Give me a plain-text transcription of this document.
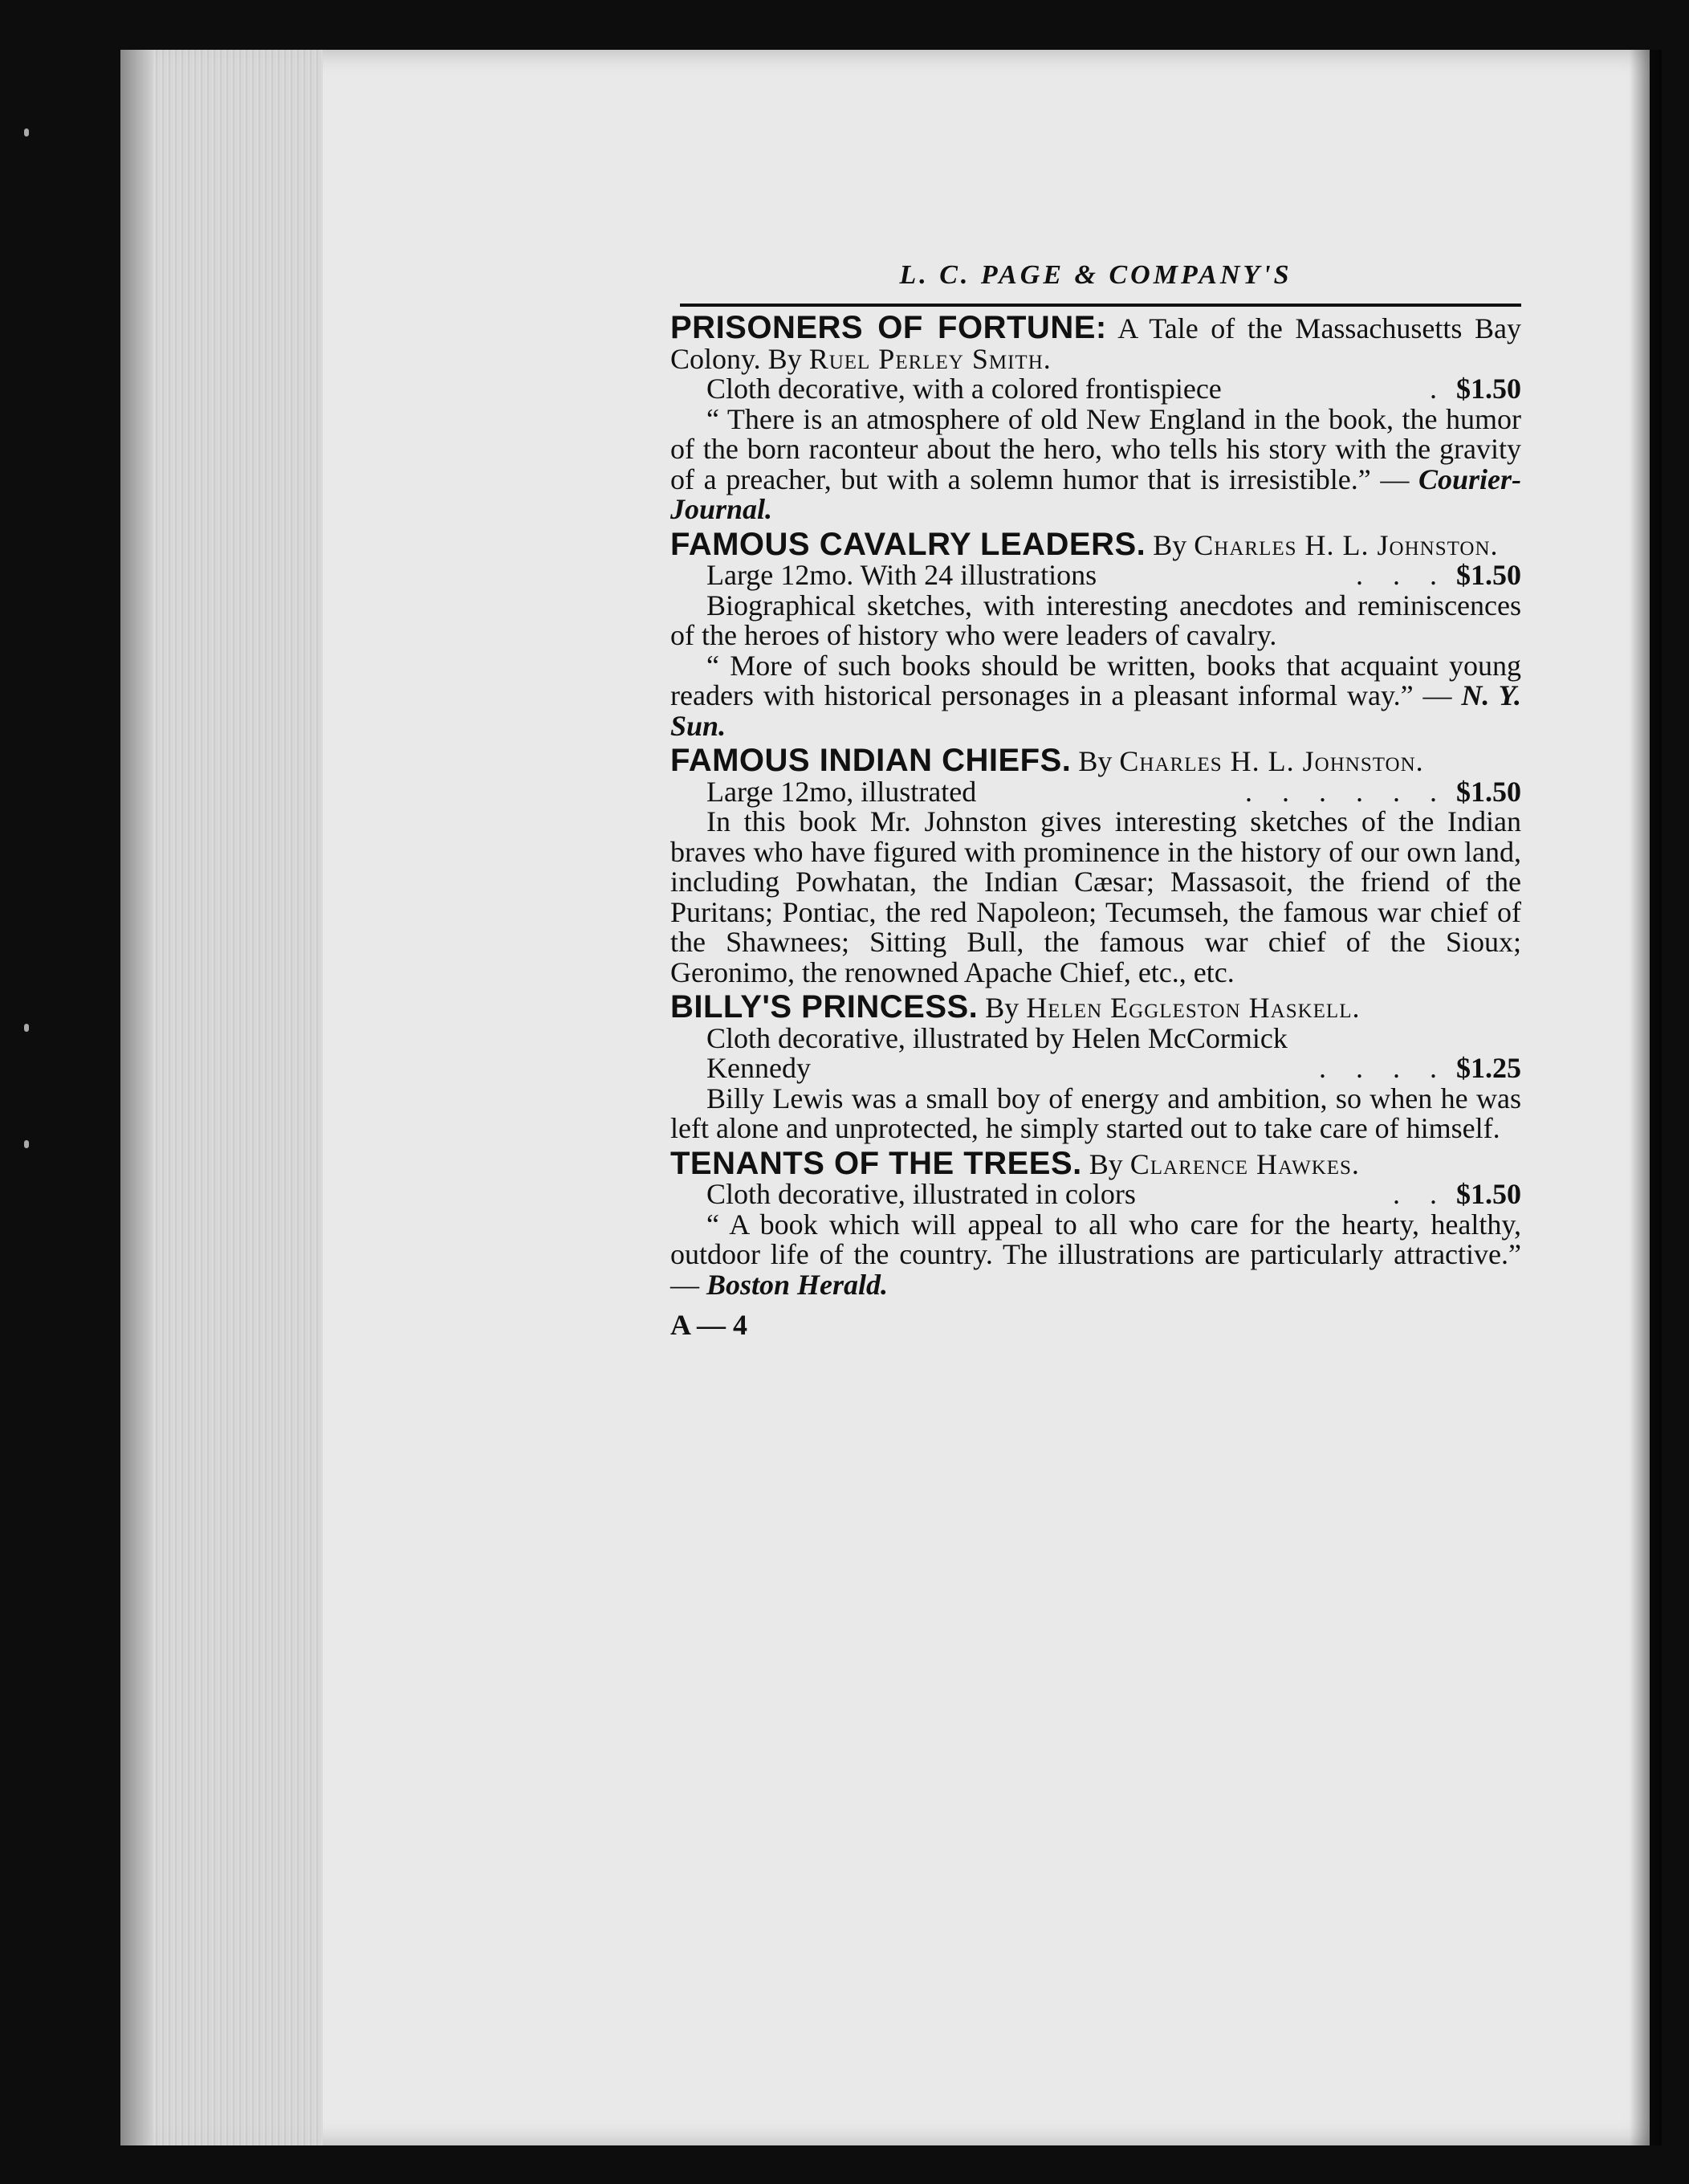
L. C. PAGE & COMPANY'S

PRISONERS OF FORTUNE: A Tale of the Massachusetts Bay Colony. By Ruel Perley Smith.

Cloth decorative, with a colored frontispiece	. $1.50

“ There is an atmosphere of old New England in the book, the humor of the born raconteur about the hero, who tells his story with the gravity of a preacher, but with a solemn humor that is irresistible.” — Courier-Journal.

FAMOUS CAVALRY LEADERS. By Charles H. L. Johnston.

Large 12mo. With 24 illustrations	. . . $1.50

Biographical sketches, with interesting anecdotes and reminiscences of the heroes of history who were leaders of cavalry.

“ More of such books should be written, books that acquaint young readers with historical personages in a pleasant informal way.” — N. Y. Sun.

FAMOUS INDIAN CHIEFS. By Charles H. L. Johnston.

Large 12mo, illustrated	. . . . . . $1.50

In this book Mr. Johnston gives interesting sketches of the Indian braves who have figured with prominence in the history of our own land, including Powhatan, the Indian Cæsar; Massasoit, the friend of the Puritans; Pontiac, the red Napoleon; Tecumseh, the famous war chief of the Shawnees; Sitting Bull, the famous war chief of the Sioux; Geronimo, the renowned Apache Chief, etc., etc.

BILLY'S PRINCESS. By Helen Eggleston Haskell.

Cloth decorative, illustrated by Helen McCormick Kennedy	. . . . $1.25

Billy Lewis was a small boy of energy and ambition, so when he was left alone and unprotected, he simply started out to take care of himself.

TENANTS OF THE TREES. By Clarence Hawkes.

Cloth decorative, illustrated in colors	. . $1.50

“ A book which will appeal to all who care for the hearty, healthy, outdoor life of the country. The illustrations are particularly attractive.” — Boston Herald.

A — 4
